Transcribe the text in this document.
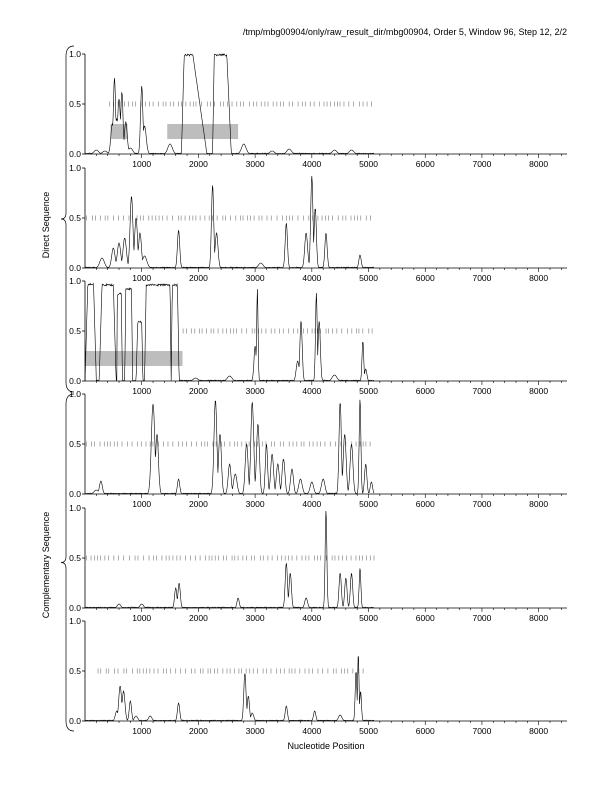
/tmp/mbg00904/only/raw_result_dir/mbg00904, Order 5, Window 96, Step 12, 2/2
0.0
0.5
1.0
1000	2000	3000	4000	5000	6000	7000	8000
0.0
0.5
1.0
1000	2000	3000	4000	5000	6000	7000	8000
0.0
0.5
1.0
1000	2000	3000	4000	5000	6000	7000	8000
0.0
0.5
1.0
1000	2000	3000	4000	5000	6000	7000	8000
0.0
0.5
1.0
1000	2000	3000	4000	5000	6000	7000	8000
0.0
0.5
1.0
1000	2000	3000	4000	5000	6000	7000	8000
Nucleotide Position
Direct Sequence
Complementary Sequence
